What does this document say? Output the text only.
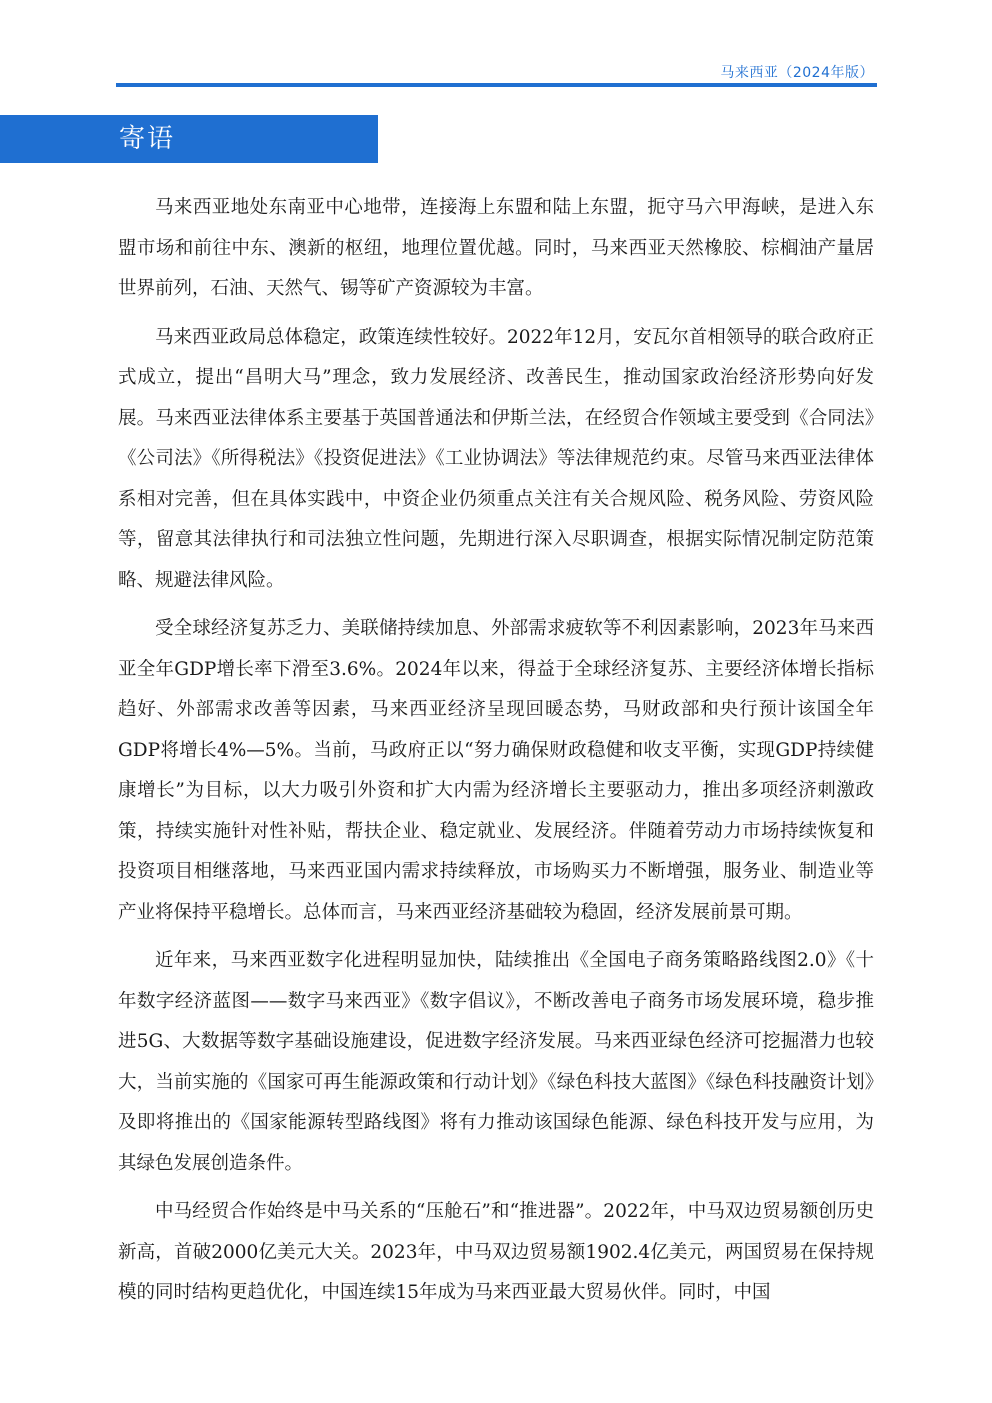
马来西亚（2024年版）
寄语

马来西亚地处东南亚中心地带，连接海上东盟和陆上东盟，扼守马六甲海峡，是进入东盟市场和前往中东、澳新的枢纽，地理位置优越。同时，马来西亚天然橡胶、棕榈油产量居世界前列，石油、天然气、锡等矿产资源较为丰富。

马来西亚政局总体稳定，政策连续性较好。2022年12月，安瓦尔首相领导的联合政府正式成立，提出“昌明大马”理念，致力发展经济、改善民生，推动国家政治经济形势向好发展。马来西亚法律体系主要基于英国普通法和伊斯兰法，在经贸合作领域主要受到《合同法》《公司法》《所得税法》《投资促进法》《工业协调法》等法律规范约束。尽管马来西亚法律体系相对完善，但在具体实践中，中资企业仍须重点关注有关合规风险、税务风险、劳资风险等，留意其法律执行和司法独立性问题，先期进行深入尽职调查，根据实际情况制定防范策略、规避法律风险。

受全球经济复苏乏力、美联储持续加息、外部需求疲软等不利因素影响，2023年马来西亚全年GDP增长率下滑至3.6%。2024年以来，得益于全球经济复苏、主要经济体增长指标趋好、外部需求改善等因素，马来西亚经济呈现回暖态势，马财政部和央行预计该国全年GDP将增长4%—5%。当前，马政府正以“努力确保财政稳健和收支平衡，实现GDP持续健康增长”为目标，以大力吸引外资和扩大内需为经济增长主要驱动力，推出多项经济刺激政策，持续实施针对性补贴，帮扶企业、稳定就业、发展经济。伴随着劳动力市场持续恢复和投资项目相继落地，马来西亚国内需求持续释放，市场购买力不断增强，服务业、制造业等产业将保持平稳增长。总体而言，马来西亚经济基础较为稳固，经济发展前景可期。

近年来，马来西亚数字化进程明显加快，陆续推出《全国电子商务策略路线图2.0》《十年数字经济蓝图——数字马来西亚》《数字倡议》，不断改善电子商务市场发展环境，稳步推进5G、大数据等数字基础设施建设，促进数字经济发展。马来西亚绿色经济可挖掘潜力也较大，当前实施的《国家可再生能源政策和行动计划》《绿色科技大蓝图》《绿色科技融资计划》及即将推出的《国家能源转型路线图》将有力推动该国绿色能源、绿色科技开发与应用，为其绿色发展创造条件。

中马经贸合作始终是中马关系的“压舱石”和“推进器”。2022年，中马双边贸易额创历史新高，首破2000亿美元大关。2023年，中马双边贸易额1902.4亿美元，两国贸易在保持规模的同时结构更趋优化，中国连续15年成为马来西亚最大贸易伙伴。同时，中国
